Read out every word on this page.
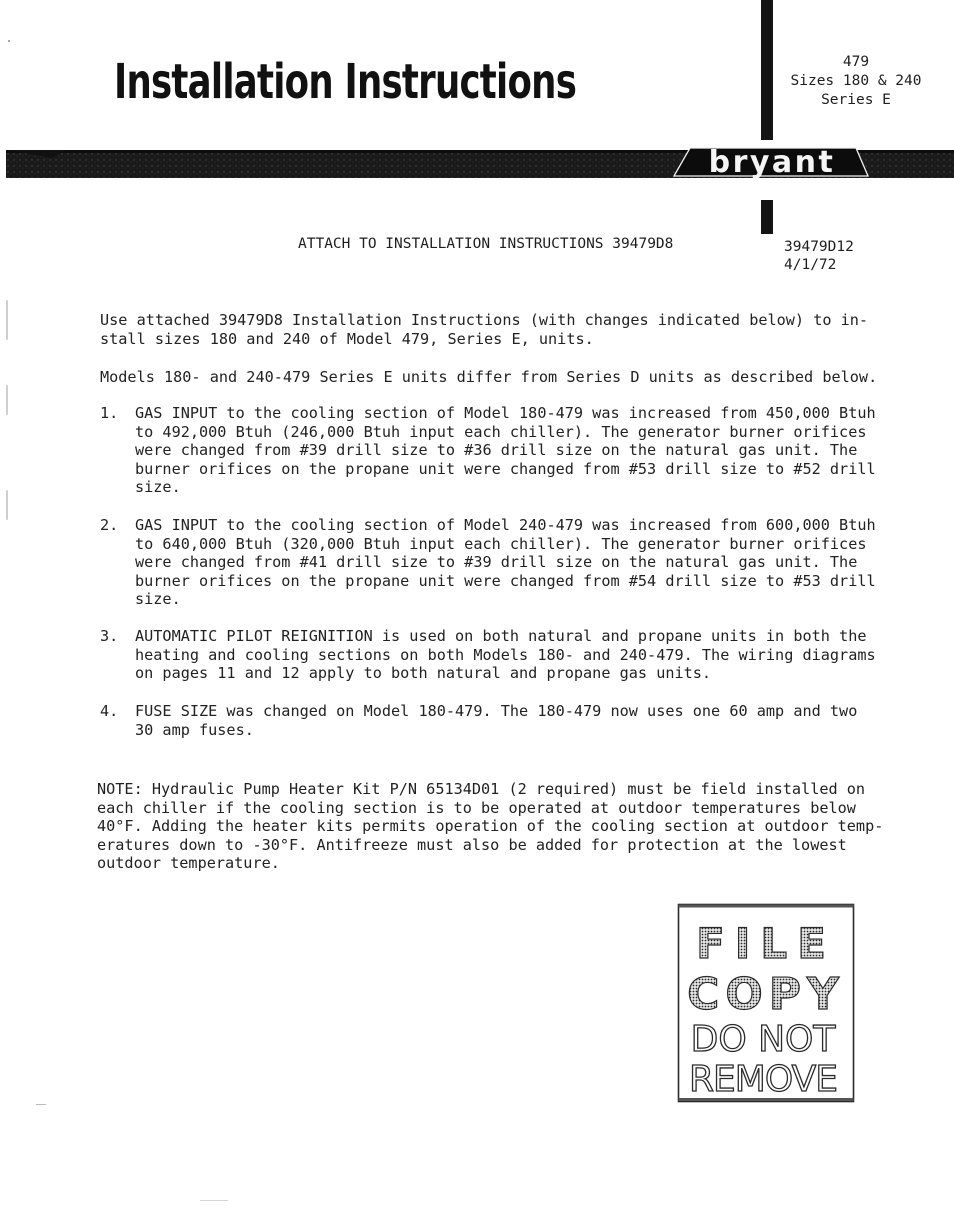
Installation Instructions	479
Sizes 180 & 240
Series E
bryant
ATTACH TO INSTALLATION INSTRUCTIONS 39479D8	39479D12
4/1/72
Use attached 39479D8 Installation Instructions (with changes indicated below) to in-
stall sizes 180 and 240 of Model 479, Series E, units.
Models 180- and 240-479 Series E units differ from Series D units as described below.
1. GAS INPUT to the cooling section of Model 180-479 was increased from 450,000 Btuh
to 492,000 Btuh (246,000 Btuh input each chiller). The generator burner orifices
were changed from #39 drill size to #36 drill size on the natural gas unit. The
burner orifices on the propane unit were changed from #53 drill size to #52 drill
size.
2. GAS INPUT to the cooling section of Model 240-479 was increased from 600,000 Btuh
to 640,000 Btuh (320,000 Btuh input each chiller). The generator burner orifices
were changed from #41 drill size to #39 drill size on the natural gas unit. The
burner orifices on the propane unit were changed from #54 drill size to #53 drill
size.
3. AUTOMATIC PILOT REIGNITION is used on both natural and propane units in both the
heating and cooling sections on both Models 180- and 240-479. The wiring diagrams
on pages 11 and 12 apply to both natural and propane gas units.
4. FUSE SIZE was changed on Model 180-479. The 180-479 now uses one 60 amp and two
30 amp fuses.
NOTE: Hydraulic Pump Heater Kit P/N 65134D01 (2 required) must be field installed on
each chiller if the cooling section is to be operated at outdoor temperatures below
40°F. Adding the heater kits permits operation of the cooling section at outdoor temp-
eratures down to -30°F. Antifreeze must also be added for protection at the lowest
outdoor temperature.
FILE
COPY
DO NOT
REMOVE
